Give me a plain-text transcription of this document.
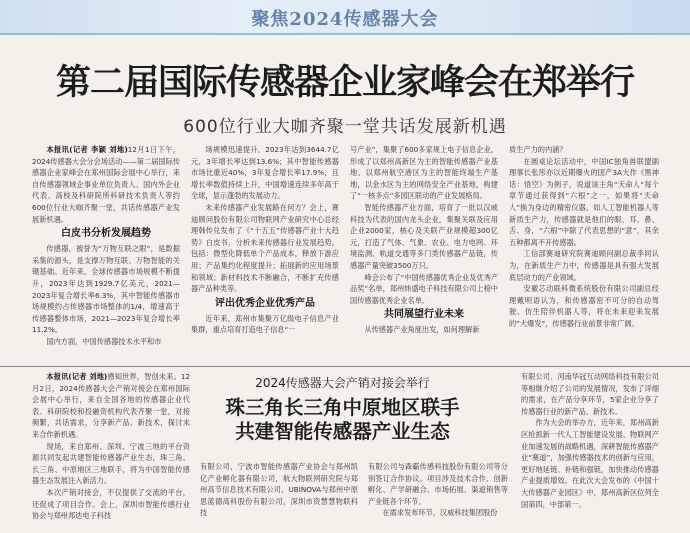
聚焦2024传感器大会
第二届国际传感器企业家峰会在郑举行
600位行业大咖齐聚一堂共话发展新机遇

本报讯(记者 李颖 刘地)12月1日下午，2024传感器大会分会场活动——第二届国际传感器企业家峰会在郑州国际会展中心举行，来自传感器领域企事业单位负责人、国内外企业代表、高校及科研院所科研技术负责人等约600位行业大咖齐聚一堂，共话传感器产业发展新机遇。

白皮书分析发展趋势

传感器，被誉为“万物互联之眼”，是数据采集的源头，是支撑万物互联、万物智能的关键基础。近年来，全球传感器市场规模不断提升，2023年达到1929.7亿美元，2021—2023年复合增长率6.3%，其中智能传感器市场规模约占传感器市场整体的1/4，增速高于传感器整体市场，2021—2023年复合增长率11.2%。

国内方面，中国传感器技术水平和市

场规模迅速提升，2023年达到3644.7亿元，3年增长率达到13.6%；其中智能传感器市场比重近40%，3年复合增长率17.9%，且增长率数值持续上升，中国增速连续多年高于全球，显示蓬勃的发展动力。

未来传感器产业发展路在何方？会上，赛迪顾问股份有限公司物联网产业研究中心总经理韩传兑发布了《“十五五”传感器产业十大趋势》白皮书，分析未来传感器行业发展趋势，包括：微型化降低单个产品成本，释放下游应用；产品集约化程度提升；拓展新的应用场景和领域；新材料技术不断融合，不断扩充传感器产品种类等。

评出优秀企业优秀产品

近年来，郑州市集聚万亿级电子信息产业集群，重点培育打造电子信息“一

号产业”，集聚了600多家规上电子信息企业，形成了以郑州高新区为主的智能传感器产业基地、以郑州航空港区为主的智能终端生产基地，以金水区为主的网络安全产业基地，构建了“一核多点”多园区联动的产业发展格局。

智能传感器产业方面，培育了一批以汉威科技为代表的国内龙头企业，集聚关联及应用企业2000家，核心及关联产业规模超300亿元，打造了气体、气象、农业、电力电网、环境监测、轨道交通等多门类传感器产品链，传感器产量突破3500万只。

峰会公布了“中国传感器优秀企业及优秀产品奖”名单，郑州炜盛电子科技有限公司上榜中国传感器优秀企业名单。

共同展望行业未来

从传感器产业角度出发，如何理解新

质生产力的内涵？

在圆桌论坛活动中，中国IC独角兽联盟副理事长张彤亦以近期爆火的国产3A大作《黑神话：悟空》为例子，说道该主角“天命人“每个章节通过获得到“六根”之一，如果将“天命人”换为身边的精密仪器，如人工智能机器人等新质生产力，传感器就是他们的眼、耳、鼻、舌、身，“六根”中除了代表思想的“意”，其余五种都离不开传感器。

工信部赛迪研究院赛迪顾问副总裁李同认为，在新质生产力中，传感器是具有强大发展底层动力的产业领域。

安徽芯动联科微系统股份有限公司副总经理戴明语认为，和传感器密不可分的自动驾驶、仿生陪伴机器人等，将在未来迎来发展的“大爆发”，传感器行业前景非常广阔。

2024传感器大会产销对接会举行
珠三角长三角中原地区联手
共建智能传感器产业生态

本报讯(记者 刘地)感知世界，智创未来。12月2日，2024传感器大会产销对接会在郑州国际会展中心举行，来自全国各地的传感器企业代表、科研院校和投融资机构代表齐聚一堂，对接频繁，共话需求，分享新产品、新技术，探讨未来合作新机遇。

现场，来自郑州、深圳、宁波三地的平台资源共同发起共建智能传感器产业生态，珠三角、长三角、中原地区三地联手，将为中国智能传感器生态发展注入新活力。

本次产销对接会，不仅提供了交流的平台，还促成了项目合作。会上，深圳市智能传感行业协会与郑州邦达电子科技

有限公司，宁波市智能传感器产业协会与郑州凯亿产业孵化器有限公司，航大物联网研究院与郑州高节信息技术有限公司，UBINOVA与郑州中原思蓝德高科股份有限公司，深圳市资慧慧物联科技

有限公司与森霸传感科技股份有限公司等分别签订合作协议。项目涉及技术合作、创新孵化、产学研融合、市场拓展、渠道销售等产业链各个环节。

在需求发布环节，汉威科技集团股份

有限公司、河南华冠互动网络科技有限公司等相继介绍了公司的发展情况，发布了详细的需求，在产品分享环节，5家企业分享了传感器行业的新产品、新技术。

作为大会的举办方，近年来，郑州高新区抢抓新一代人工智能建设发展、物联网产业加速发展的战略机遇，深耕智能传感器产业“赛道”，加强传感器技术的创新与应用，更好地延链、补链和强链，加快推动传感器产业提质增效。在此次大会发布的《中国十大传感器产业园区》中，郑州高新区位列全国第四，中部第一。
